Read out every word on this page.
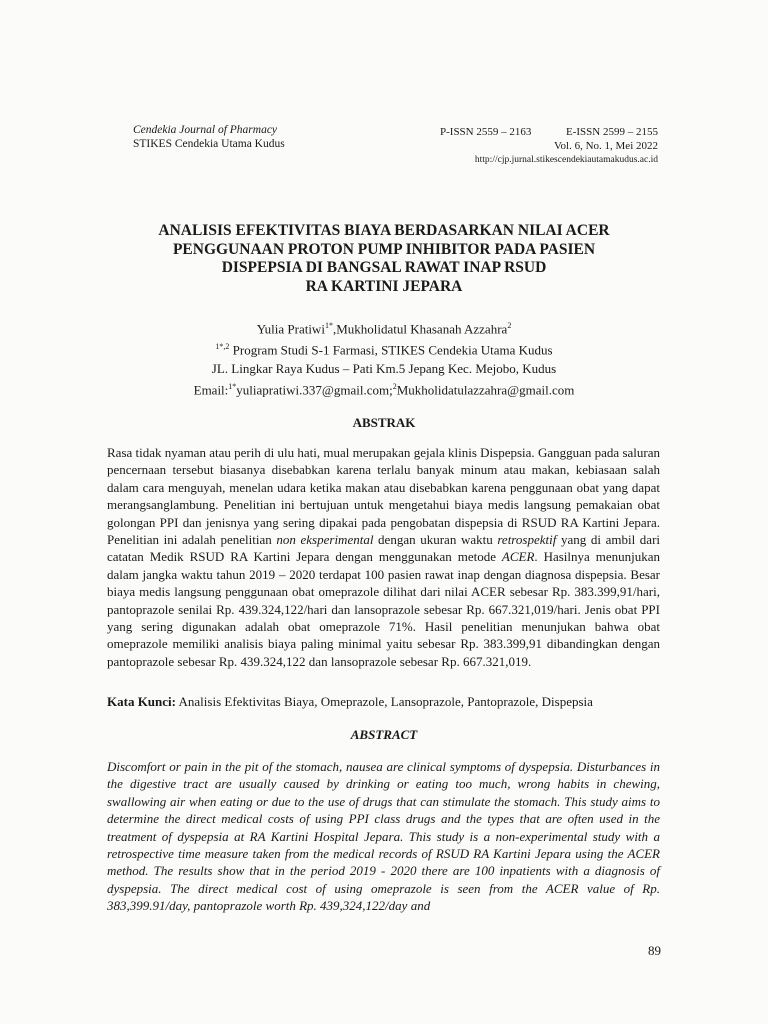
Cendekia Journal of Pharmacy
STIKES Cendekia Utama Kudus
P-ISSN 2559 – 2163	E-ISSN 2599 – 2155
Vol. 6, No. 1, Mei 2022
http://cjp.jurnal.stikescendekiautamakudus.ac.id
ANALISIS EFEKTIVITAS BIAYA BERDASARKAN NILAI ACER
PENGGUNAAN PROTON PUMP INHIBITOR PADA PASIEN
DISPEPSIA DI BANGSAL RAWAT INAP RSUD
RA KARTINI JEPARA
Yulia Pratiwi$^{1*}$,Mukholidatul Khasanah Azzahra$^2$
$^{1*,2}$ Program Studi S-1 Farmasi, STIKES Cendekia Utama Kudus
JL. Lingkar Raya Kudus – Pati Km.5 Jepang Kec. Mejobo, Kudus
Email:$^{1*}$yuliapratiwi.337@gmail.com;$^2$Mukholidatulazzahra@gmail.com
ABSTRAK
Rasa tidak nyaman atau perih di ulu hati, mual merupakan gejala klinis Dispepsia. Gangguan pada saluran pencernaan tersebut biasanya disebabkan karena terlalu banyak minum atau makan, kebiasaan salah dalam cara menguyah, menelan udara ketika makan atau disebabkan karena penggunaan obat yang dapat merangsanglambung. Penelitian ini bertujuan untuk mengetahui biaya medis langsung pemakaian obat golongan PPI dan jenisnya yang sering dipakai pada pengobatan dispepsia di RSUD RA Kartini Jepara. Penelitian ini adalah penelitian non eksperimental dengan ukuran waktu retrospektif yang di ambil dari catatan Medik RSUD RA Kartini Jepara dengan menggunakan metode ACER. Hasilnya menunjukan dalam jangka waktu tahun 2019 – 2020 terdapat 100 pasien rawat inap dengan diagnosa dispepsia. Besar biaya medis langsung penggunaan obat omeprazole dilihat dari nilai ACER sebesar Rp. 383.399,91/hari, pantoprazole senilai Rp. 439.324,122/hari dan lansoprazole sebesar Rp. 667.321,019/hari. Jenis obat PPI yang sering digunakan adalah obat omeprazole 71%. Hasil penelitian menunjukan bahwa obat omeprazole memiliki analisis biaya paling minimal yaitu sebesar Rp. 383.399,91 dibandingkan dengan pantoprazole sebesar Rp. 439.324,122 dan lansoprazole sebesar Rp. 667.321,019.
Kata Kunci: Analisis Efektivitas Biaya, Omeprazole, Lansoprazole, Pantoprazole, Dispepsia
ABSTRACT
Discomfort or pain in the pit of the stomach, nausea are clinical symptoms of dyspepsia. Disturbances in the digestive tract are usually caused by drinking or eating too much, wrong habits in chewing, swallowing air when eating or due to the use of drugs that can stimulate the stomach. This study aims to determine the direct medical costs of using PPI class drugs and the types that are often used in the treatment of dyspepsia at RA Kartini Hospital Jepara. This study is a non-experimental study with a retrospective time measure taken from the medical records of RSUD RA Kartini Jepara using the ACER method. The results show that in the period 2019 - 2020 there are 100 inpatients with a diagnosis of dyspepsia. The direct medical cost of using omeprazole is seen from the ACER value of Rp. 383,399.91/day, pantoprazole worth Rp. 439,324,122/day and
89
